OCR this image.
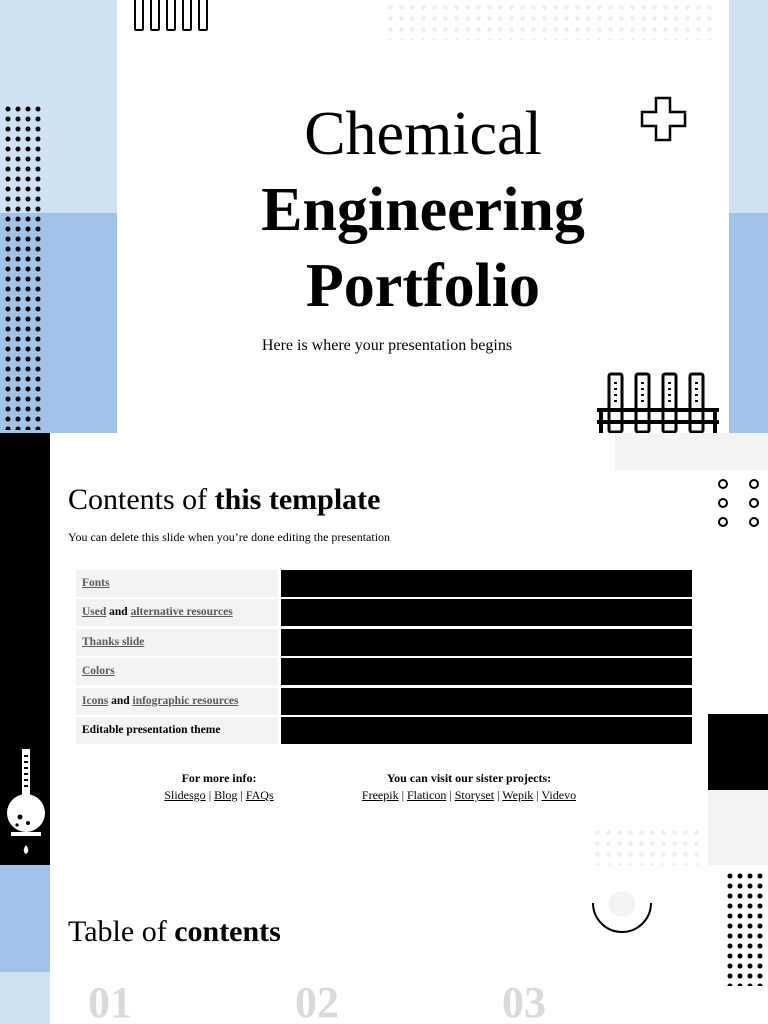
Chemical
Engineering
Portfolio
Here is where your presentation begins
Contents of this template
You can delete this slide when you’re done editing the presentation
Fonts
Used and alternative resources
Thanks slide
Colors
Icons and infographic resources
Editable presentation theme
For more info:
Slidesgo | Blog | FAQs
You can visit our sister projects:
Freepik | Flaticon | Storyset | Wepik | Videvo
Table of contents
01	02	03
